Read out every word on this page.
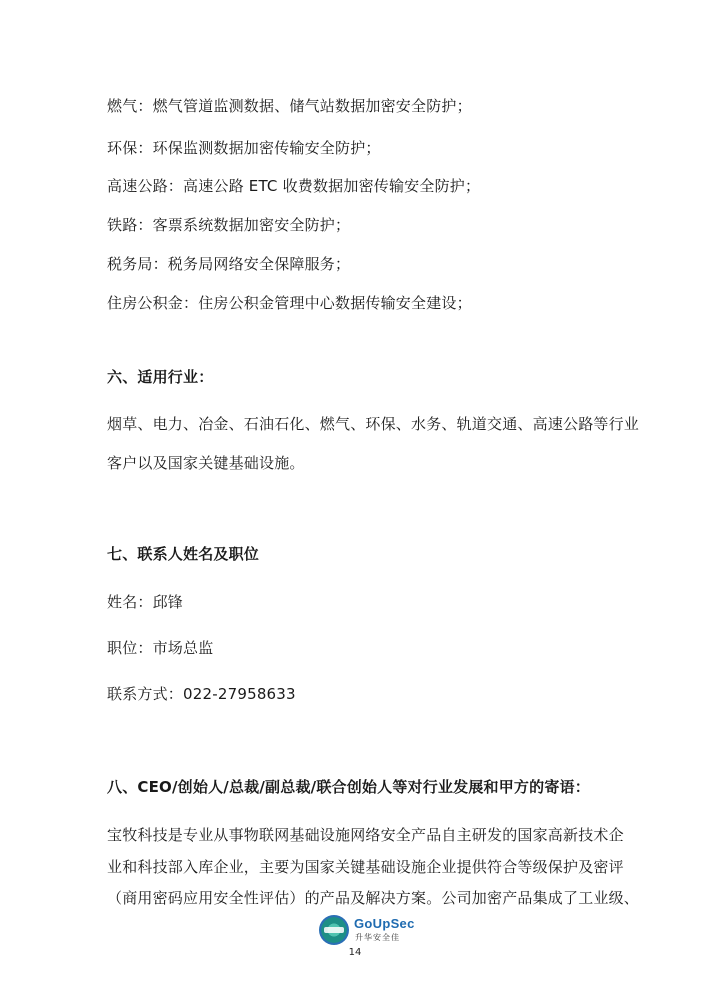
燃气：燃气管道监测数据、储气站数据加密安全防护；
环保：环保监测数据加密传输安全防护；
高速公路：高速公路 ETC 收费数据加密传输安全防护；
铁路：客票系统数据加密安全防护；
税务局：税务局网络安全保障服务；
住房公积金：住房公积金管理中心数据传输安全建设；
六、适用行业：
烟草、电力、冶金、石油石化、燃气、环保、水务、轨道交通、高速公路等行业
客户以及国家关键基础设施。
七、联系人姓名及职位
姓名：邱锋
职位：市场总监
联系方式：022-27958633
八、CEO/创始人/总裁/副总裁/联合创始人等对行业发展和甲方的寄语：
宝牧科技是专业从事物联网基础设施网络安全产品自主研发的国家高新技术企
业和科技部入库企业，主要为国家关键基础设施企业提供符合等级保护及密评
（商用密码应用安全性评估）的产品及解决方案。公司加密产品集成了工业级、
GoUpSec
升华安全佳
14
